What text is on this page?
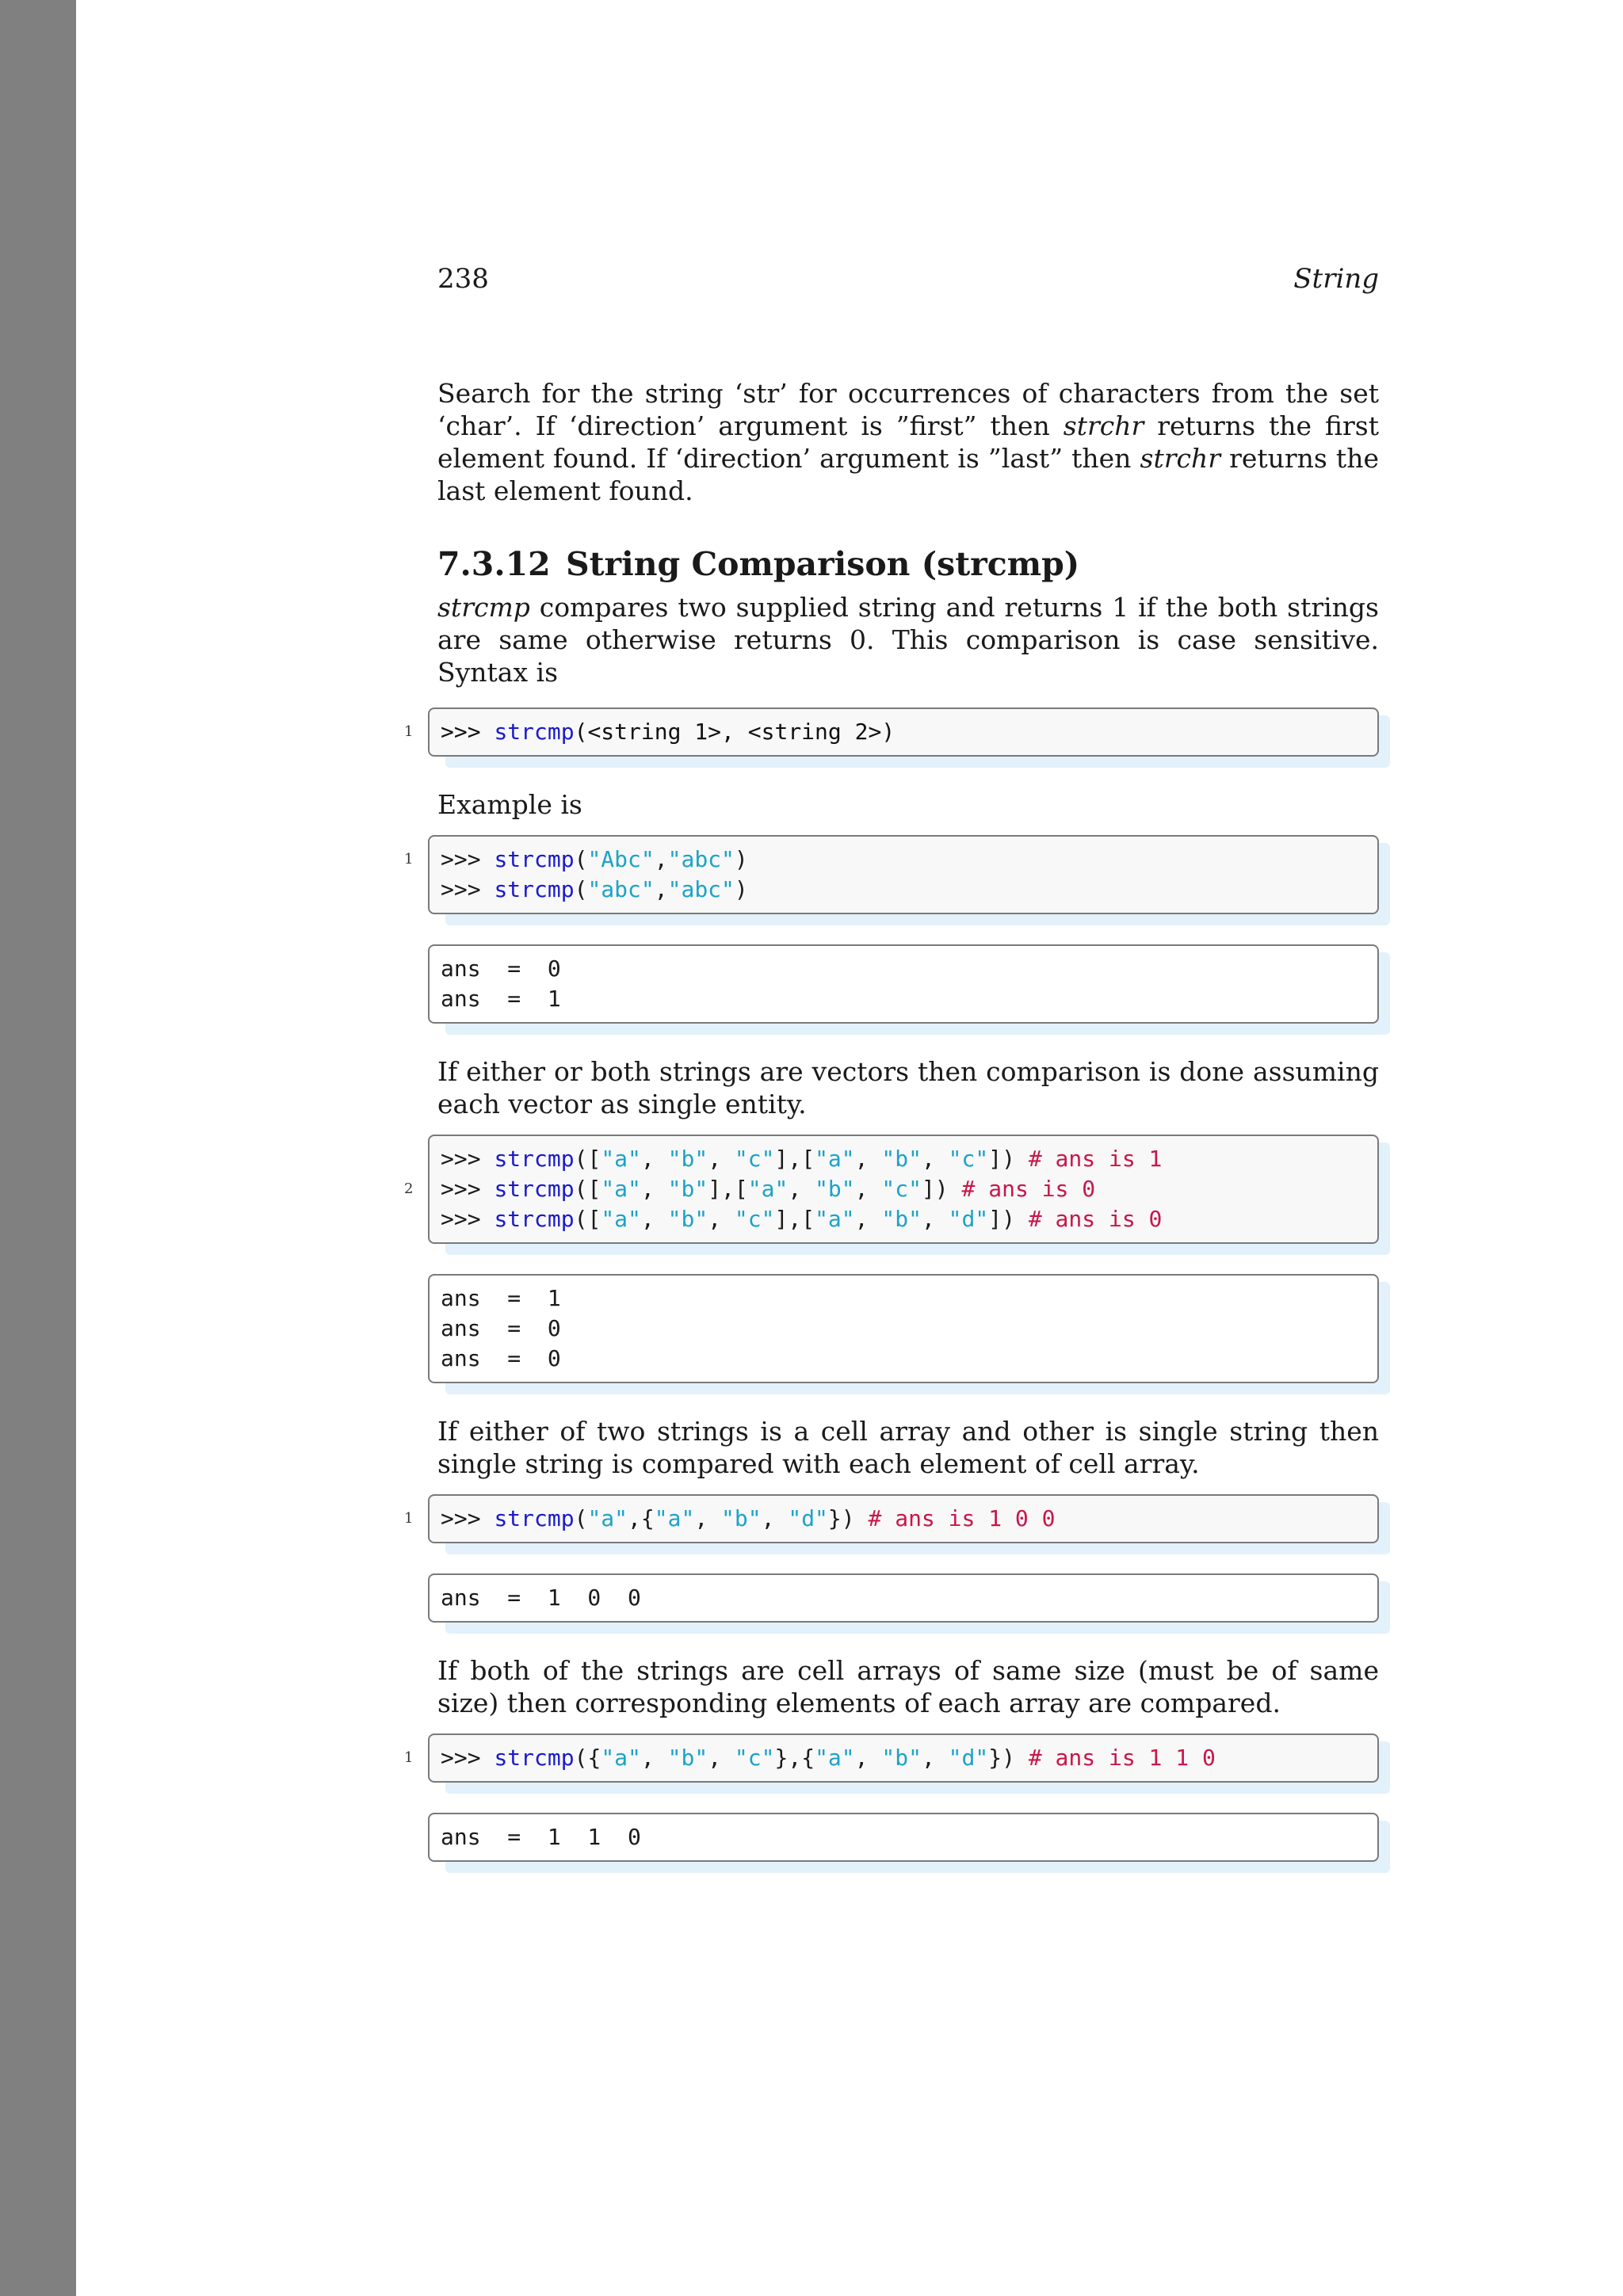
238	String

Search for the string ‘str’ for occurrences of characters from the set ‘char’. If ‘direction’ argument is ”first” then strchr returns the first element found. If ‘direction’ argument is ”last” then strchr returns the last element found.

7.3.12 String Comparison (strcmp)

strcmp compares two supplied string and returns 1 if the both strings are same otherwise returns 0. This comparison is case sensitive. Syntax is

1 >>> strcmp(<string 1>, <string 2>)

Example is

1 >>> strcmp("Abc","abc")
>>> strcmp("abc","abc")
ans  =  0
ans  =  1

If either or both strings are vectors then comparison is done assuming each vector as single entity.

2
>>> strcmp(["a", "b", "c"],["a", "b", "c"]) # ans is 1
>>> strcmp(["a", "b"],["a", "b", "c"]) # ans is 0
>>> strcmp(["a", "b", "c"],["a", "b", "d"]) # ans is 0
ans  =  1
ans  =  0
ans  =  0

If either of two strings is a cell array and other is single string then single string is compared with each element of cell array.

1 >>> strcmp("a",{"a", "b", "d"}) # ans is 1 0 0
ans  =  1  0  0

If both of the strings are cell arrays of same size (must be of same size) then corresponding elements of each array are compared.

1 >>> strcmp({"a", "b", "c"},{"a", "b", "d"}) # ans is 1 1 0
ans  =  1  1  0
